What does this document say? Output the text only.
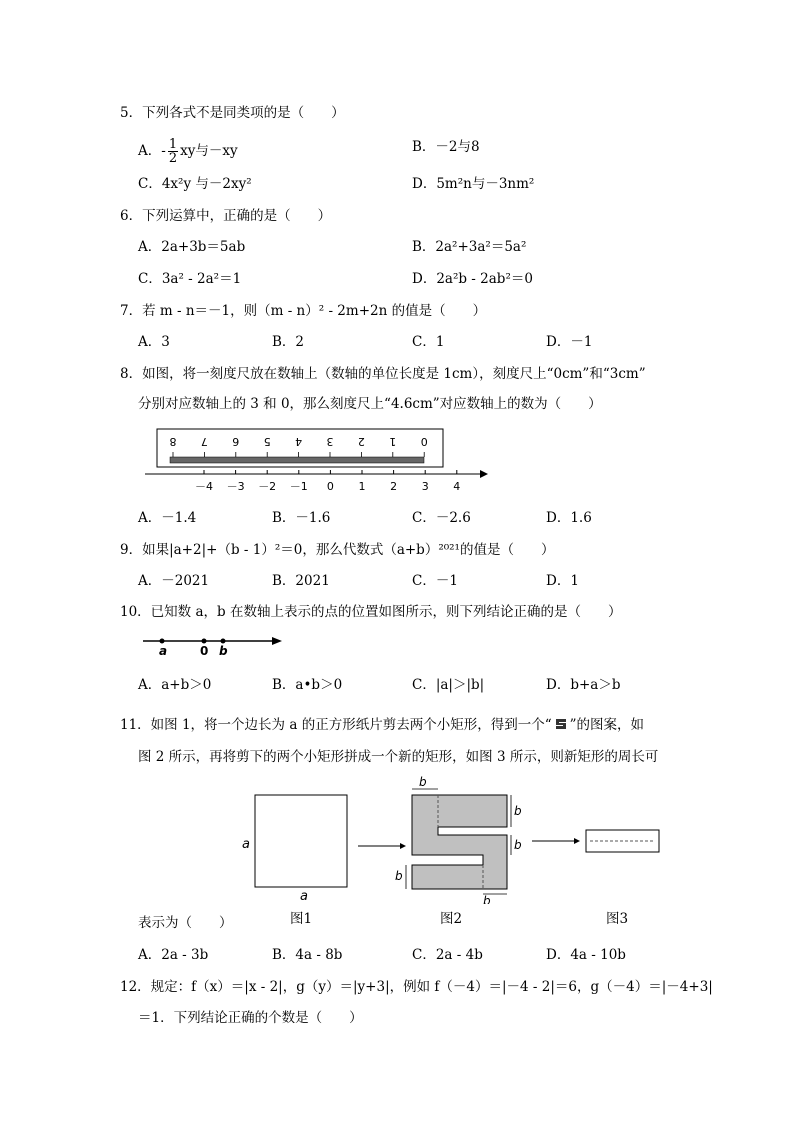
5．下列各式不是同类项的是（　　）
A．- $\frac{1}{2}$ xy与－xy	B．－2与8
C．4x²y 与－2xy²	D．5m²n与－3nm²
6．下列运算中，正确的是（　　）
A．2a+3b＝5ab	B．2a²+3a²＝5a²
C．3a² - 2a²＝1	D．2a²b - 2ab²＝0
7．若 m - n＝－1，则（m - n）² - 2m+2n 的值是（　　）
A．3	B．2	C．1	D．－1
8．如图，将一刻度尺放在数轴上（数轴的单位长度是 1cm），刻度尺上“0cm”和“3cm”
分别对应数轴上的 3 和 0，那么刻度尺上“4.6cm”对应数轴上的数为（　　）
8 7 6 5 4 3 2 1 0
－4 －3 －2 －1 0 1 2 3 4
A．－1.4	B．－1.6	C．－2.6	D．1.6
9．如果|a+2|+（b - 1）²＝0，那么代数式（a+b）²⁰²¹的值是（　　）
A．－2021	B．2021	C．－1	D．1
10．已知数 a，b 在数轴上表示的点的位置如图所示，则下列结论正确的是（　　）
a	0 b
A．a+b＞0	B．a•b＞0	C．|a|＞|b|	D．b+a＞b
11．如图 1，将一个边长为 a 的正方形纸片剪去两个小矩形，得到一个“ ”的图案，如
图 2 所示，再将剪下的两个小矩形拼成一个新的矩形，如图 3 所示，则新矩形的周长可
a
a
b
b
b
b
b
图1	图2	图3
表示为（　　）
A．2a - 3b	B．4a - 8b	C．2a - 4b	D．4a - 10b
12．规定：f（x）＝|x - 2|，g（y）＝|y+3|，例如 f（－4）＝|－4 - 2|＝6，g（－4）＝|－4+3|
＝1．下列结论正确的个数是（　　）
